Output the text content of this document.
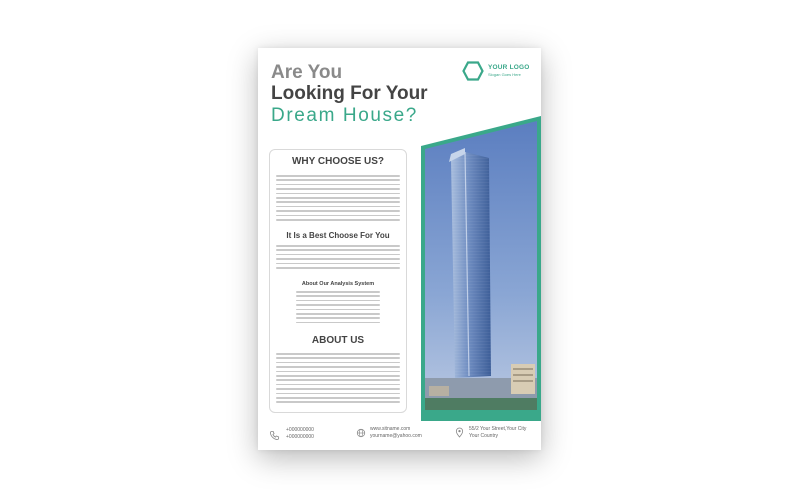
YOUR LOGO
Slogan Goes Here
Are You
Looking For Your
Dream House?
WHY CHOOSE US?
It Is a Best Choose For You
About Our Analysis System
ABOUT US
+000000000
+000000000
www.sitname.com
yourname@yahoo.com
55/2 Your Street,Your City
Your Country
